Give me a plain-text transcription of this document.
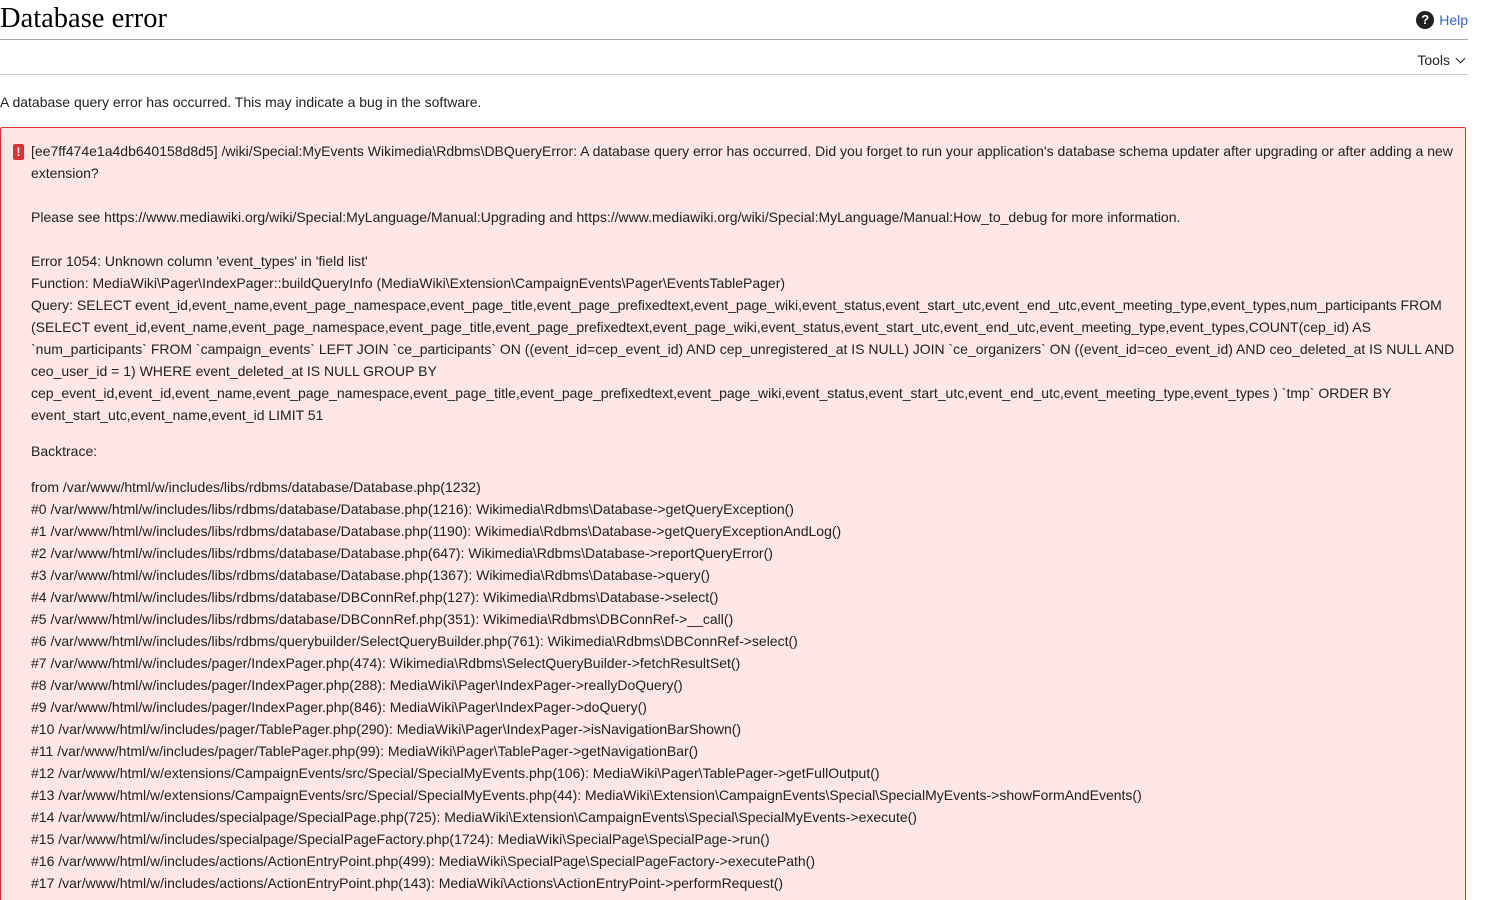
Database error	? Help
Tools

A database query error has occurred. This may indicate a bug in the software.

! [ee7ff474e1a4db640158d8d5] /wiki/Special:MyEvents Wikimedia\Rdbms\DBQueryError: A database query error has occurred. Did you forget to run your application's database schema updater after upgrading or after adding a new extension?

Please see https://www.mediawiki.org/wiki/Special:MyLanguage/Manual:Upgrading and https://www.mediawiki.org/wiki/Special:MyLanguage/Manual:How_to_debug for more information.

Error 1054: Unknown column 'event_types' in 'field list'

Function: MediaWiki\Pager\IndexPager::buildQueryInfo (MediaWiki\Extension\CampaignEvents\Pager\EventsTablePager)

Query: SELECT event_id,event_name,event_page_namespace,event_page_title,event_page_prefixedtext,event_page_wiki,event_status,event_start_utc,event_end_utc,event_meeting_type,event_types,num_participants FROM (SELECT event_id,event_name,event_page_namespace,event_page_title,event_page_prefixedtext,event_page_wiki,event_status,event_start_utc,event_end_utc,event_meeting_type,event_types,COUNT(cep_id) AS `num_participants` FROM `campaign_events` LEFT JOIN `ce_participants` ON ((event_id=cep_event_id) AND cep_unregistered_at IS NULL) JOIN `ce_organizers` ON ((event_id=ceo_event_id) AND ceo_deleted_at IS NULL AND ceo_user_id = 1) WHERE event_deleted_at IS NULL GROUP BY cep_event_id,event_id,event_name,event_page_namespace,event_page_title,event_page_prefixedtext,event_page_wiki,event_status,event_start_utc,event_end_utc,event_meeting_type,event_types ) `tmp` ORDER BY event_start_utc,event_name,event_id LIMIT 51

Backtrace:

from /var/www/html/w/includes/libs/rdbms/database/Database.php(1232)
#0 /var/www/html/w/includes/libs/rdbms/database/Database.php(1216): Wikimedia\Rdbms\Database->getQueryException()
#1 /var/www/html/w/includes/libs/rdbms/database/Database.php(1190): Wikimedia\Rdbms\Database->getQueryExceptionAndLog()
#2 /var/www/html/w/includes/libs/rdbms/database/Database.php(647): Wikimedia\Rdbms\Database->reportQueryError()
#3 /var/www/html/w/includes/libs/rdbms/database/Database.php(1367): Wikimedia\Rdbms\Database->query()
#4 /var/www/html/w/includes/libs/rdbms/database/DBConnRef.php(127): Wikimedia\Rdbms\Database->select()
#5 /var/www/html/w/includes/libs/rdbms/database/DBConnRef.php(351): Wikimedia\Rdbms\DBConnRef->__call()
#6 /var/www/html/w/includes/libs/rdbms/querybuilder/SelectQueryBuilder.php(761): Wikimedia\Rdbms\DBConnRef->select()
#7 /var/www/html/w/includes/pager/IndexPager.php(474): Wikimedia\Rdbms\SelectQueryBuilder->fetchResultSet()
#8 /var/www/html/w/includes/pager/IndexPager.php(288): MediaWiki\Pager\IndexPager->reallyDoQuery()
#9 /var/www/html/w/includes/pager/IndexPager.php(846): MediaWiki\Pager\IndexPager->doQuery()
#10 /var/www/html/w/includes/pager/TablePager.php(290): MediaWiki\Pager\IndexPager->isNavigationBarShown()
#11 /var/www/html/w/includes/pager/TablePager.php(99): MediaWiki\Pager\TablePager->getNavigationBar()
#12 /var/www/html/w/extensions/CampaignEvents/src/Special/SpecialMyEvents.php(106): MediaWiki\Pager\TablePager->getFullOutput()
#13 /var/www/html/w/extensions/CampaignEvents/src/Special/SpecialMyEvents.php(44): MediaWiki\Extension\CampaignEvents\Special\SpecialMyEvents->showFormAndEvents()
#14 /var/www/html/w/includes/specialpage/SpecialPage.php(725): MediaWiki\Extension\CampaignEvents\Special\SpecialMyEvents->execute()
#15 /var/www/html/w/includes/specialpage/SpecialPageFactory.php(1724): MediaWiki\SpecialPage\SpecialPage->run()
#16 /var/www/html/w/includes/actions/ActionEntryPoint.php(499): MediaWiki\SpecialPage\SpecialPageFactory->executePath()
#17 /var/www/html/w/includes/actions/ActionEntryPoint.php(143): MediaWiki\Actions\ActionEntryPoint->performRequest()
